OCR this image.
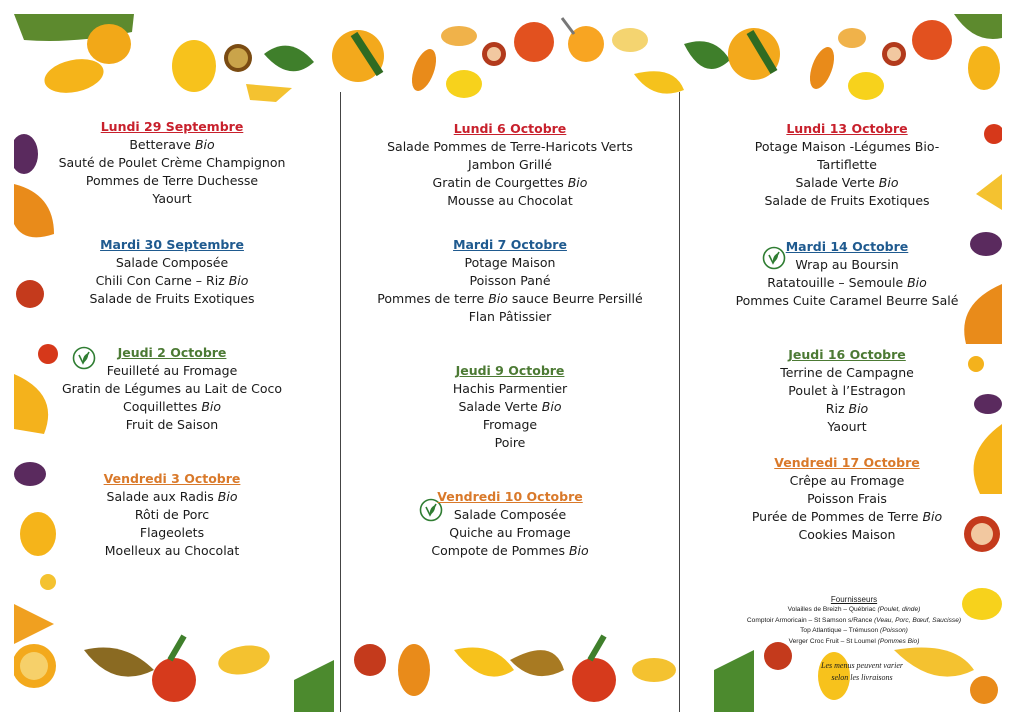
Lundi 29 Septembre
Betterave Bio
Sauté de Poulet Crème Champignon
Pommes de Terre Duchesse
Yaourt
Mardi 30 Septembre
Salade Composée
Chili Con Carne – Riz Bio
Salade de Fruits Exotiques
Jeudi 2 Octobre
Feuilleté au Fromage
Gratin de Légumes au Lait de Coco
Coquillettes Bio
Fruit de Saison
Vendredi 3 Octobre
Salade aux Radis Bio
Rôti de Porc
Flageolets
Moelleux au Chocolat
Lundi 6 Octobre
Salade Pommes de Terre-Haricots Verts
Jambon Grillé
Gratin de Courgettes Bio
Mousse au Chocolat
Mardi 7 Octobre
Potage Maison
Poisson Pané
Pommes de terre Bio sauce Beurre Persillé
Flan Pâtissier
Jeudi 9 Octobre
Hachis Parmentier
Salade Verte Bio
Fromage
Poire
Vendredi 10 Octobre
Salade Composée
Quiche au Fromage
Compote de Pommes Bio
Lundi 13 Octobre
Potage Maison -Légumes Bio-
Tartiflette
Salade Verte Bio
Salade de Fruits Exotiques
Mardi 14 Octobre
Wrap au Boursin
Ratatouille – Semoule Bio
Pommes Cuite Caramel Beurre Salé
Jeudi 16 Octobre
Terrine de Campagne
Poulet à l’Estragon
Riz Bio
Yaourt
Vendredi 17 Octobre
Crêpe au Fromage
Poisson Frais
Purée de Pommes de Terre Bio
Cookies Maison
Fournisseurs
Volailles de Breizh – Québriac (Poulet, dinde)
Comptoir Armoricain – St Samson s/Rance (Veau, Porc, Bœuf, Saucisse)
Top Atlantique – Trémuson (Poisson)
Verger Croc Fruit – St Loumel (Pommes Bio)
Les menus peuvent varier
selon les livraisons
